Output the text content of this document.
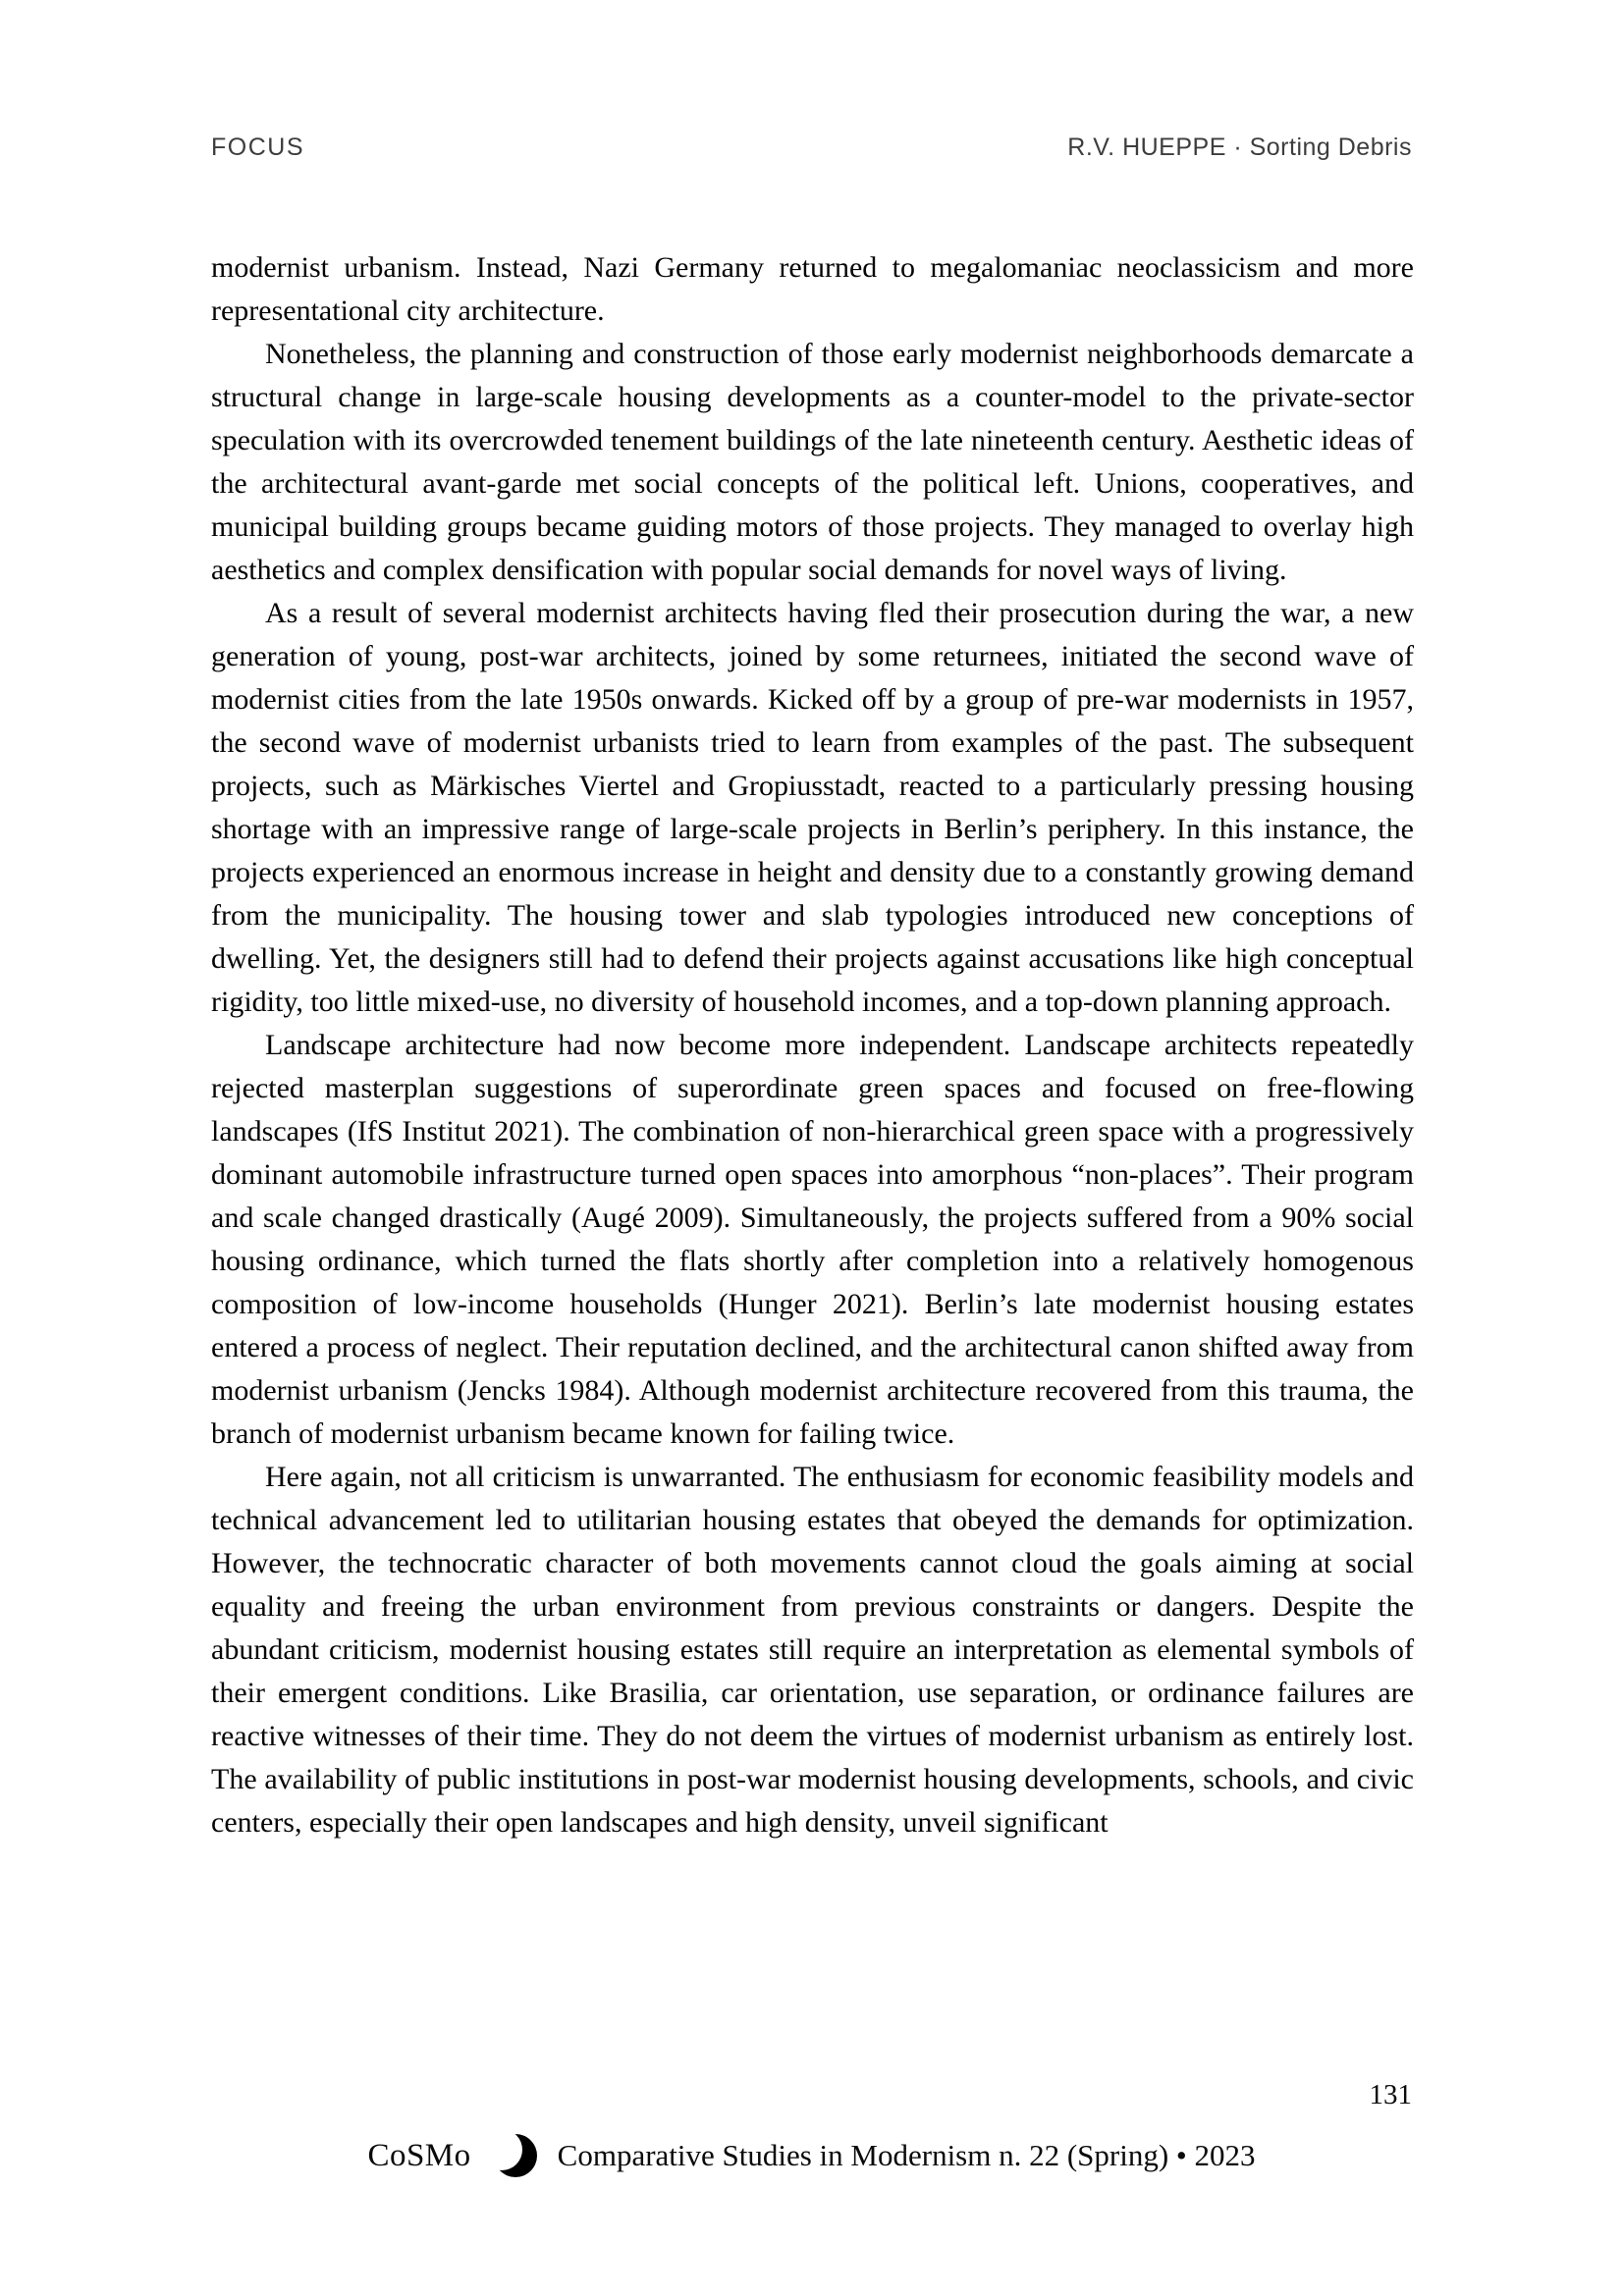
FOCUS	R.V. HUEPPE · Sorting Debris

modernist urbanism. Instead, Nazi Germany returned to megalomaniac neoclassicism and more representational city architecture.

Nonetheless, the planning and construction of those early modernist neighborhoods demarcate a structural change in large-scale housing developments as a counter-model to the private-sector speculation with its overcrowded tenement buildings of the late nineteenth century. Aesthetic ideas of the architectural avant-garde met social concepts of the political left. Unions, cooperatives, and municipal building groups became guiding motors of those projects. They managed to overlay high aesthetics and complex densification with popular social demands for novel ways of living.

As a result of several modernist architects having fled their prosecution during the war, a new generation of young, post-war architects, joined by some returnees, initiated the second wave of modernist cities from the late 1950s onwards. Kicked off by a group of pre-war modernists in 1957, the second wave of modernist urbanists tried to learn from examples of the past. The subsequent projects, such as Märkisches Viertel and Gropiusstadt, reacted to a particularly pressing housing shortage with an impressive range of large-scale projects in Berlin’s periphery. In this instance, the projects experienced an enormous increase in height and density due to a constantly growing demand from the municipality. The housing tower and slab typologies introduced new conceptions of dwelling. Yet, the designers still had to defend their projects against accusations like high conceptual rigidity, too little mixed-use, no diversity of household incomes, and a top-down planning approach.

Landscape architecture had now become more independent. Landscape architects repeatedly rejected masterplan suggestions of superordinate green spaces and focused on free-flowing landscapes (IfS Institut 2021). The combination of non-hierarchical green space with a progressively dominant automobile infrastructure turned open spaces into amorphous “non-places”. Their program and scale changed drastically (Augé 2009). Simultaneously, the projects suffered from a 90% social housing ordinance, which turned the flats shortly after completion into a relatively homogenous composition of low-income households (Hunger 2021). Berlin’s late modernist housing estates entered a process of neglect. Their reputation declined, and the architectural canon shifted away from modernist urbanism (Jencks 1984). Although modernist architecture recovered from this trauma, the branch of modernist urbanism became known for failing twice.

Here again, not all criticism is unwarranted. The enthusiasm for economic feasibility models and technical advancement led to utilitarian housing estates that obeyed the demands for optimization. However, the technocratic character of both movements cannot cloud the goals aiming at social equality and freeing the urban environment from previous constraints or dangers. Despite the abundant criticism, modernist housing estates still require an interpretation as elemental symbols of their emergent conditions. Like Brasilia, car orientation, use separation, or ordinance failures are reactive witnesses of their time. They do not deem the virtues of modernist urbanism as entirely lost. The availability of public institutions in post-war modernist housing developments, schools, and civic centers, especially their open landscapes and high density, unveil significant

131
CoSMo	Comparative Studies in Modernism n. 22 (Spring) • 2023
